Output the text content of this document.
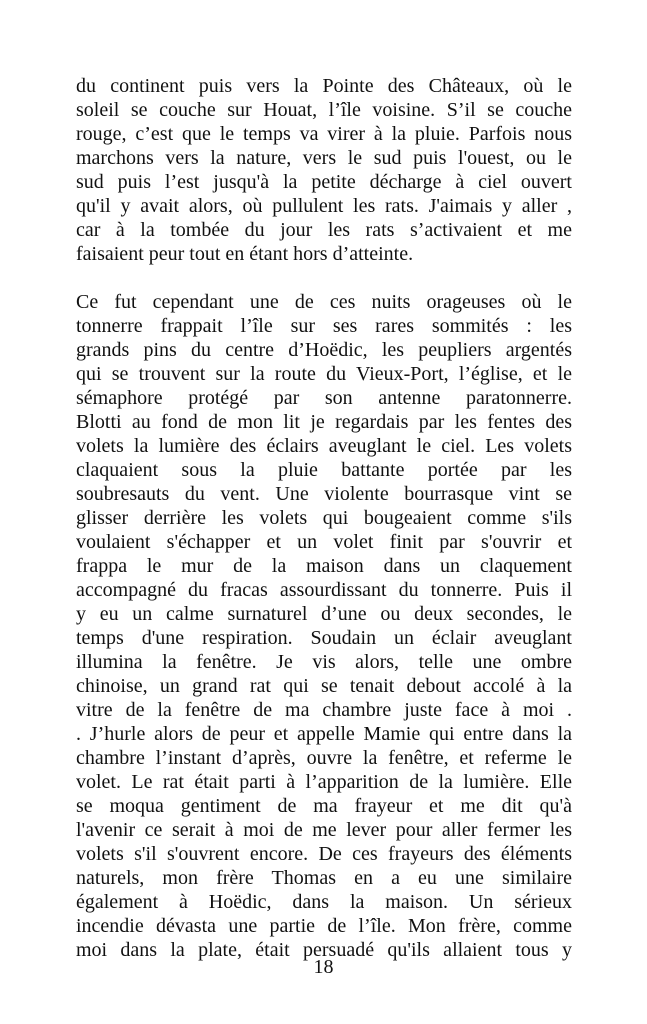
du continent puis vers la Pointe des Châteaux, où le
soleil se couche sur Houat, l’île voisine. S’il se couche
rouge, c’est que le temps va virer à la pluie. Parfois nous
marchons vers la nature, vers le sud puis l'ouest, ou le
sud puis l’est jusqu'à la petite décharge à ciel ouvert
qu'il y avait alors, où pullulent les rats. J'aimais y aller ,
car à la tombée du jour les rats s’activaient et me
faisaient peur tout en étant hors d’atteinte.
Ce fut cependant une de ces nuits orageuses où le
tonnerre frappait l’île sur ses rares sommités : les
grands pins du centre d’Hoëdic, les peupliers argentés
qui se trouvent sur la route du Vieux-Port, l’église, et le
sémaphore protégé par son antenne paratonnerre.
Blotti au fond de mon lit je regardais par les fentes des
volets la lumière des éclairs aveuglant le ciel. Les volets
claquaient sous la pluie battante portée par les
soubresauts du vent. Une violente bourrasque vint se
glisser derrière les volets qui bougeaient comme s'ils
voulaient s'échapper et un volet finit par s'ouvrir et
frappa le mur de la maison dans un claquement
accompagné du fracas assourdissant du tonnerre. Puis il
y eu un calme surnaturel d’une ou deux secondes, le
temps d'une respiration. Soudain un éclair aveuglant
illumina la fenêtre. Je vis alors, telle une ombre
chinoise, un grand rat qui se tenait debout accolé à la
vitre de la fenêtre de ma chambre juste face à moi .
. J’hurle alors de peur et appelle Mamie qui entre dans la
chambre l’instant d’après, ouvre la fenêtre, et referme le
volet. Le rat était parti à l’apparition de la lumière. Elle
se moqua gentiment de ma frayeur et me dit qu'à
l'avenir ce serait à moi de me lever pour aller fermer les
volets s'il s'ouvrent encore. De ces frayeurs des éléments
naturels, mon frère Thomas en a eu une similaire
également à Hoëdic, dans la maison. Un sérieux
incendie dévasta une partie de l’île. Mon frère, comme
moi dans la plate, était persuadé qu'ils allaient tous y
18
